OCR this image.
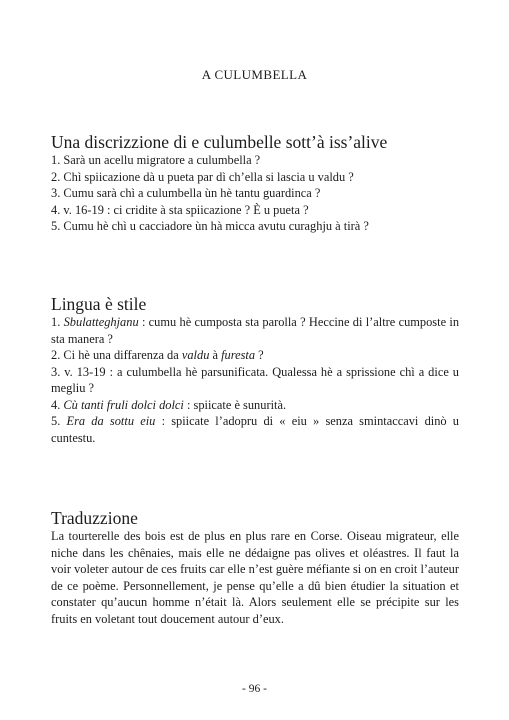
A CULUMBELLA
Una discrizzione di e culumbelle sott’à iss’alive
1. Sarà un acellu migratore a culumbella ?
2. Chì spiicazione dà u pueta par dì ch’ella si lascia u valdu ?
3. Cumu sarà chì a culumbella ùn hè tantu guardinca ?
4. v. 16-19 : ci cridite à sta spiicazione ? È u pueta ?
5. Cumu hè chì u cacciadore ùn hà micca avutu curaghju à tirà ?
Lingua è stile
1. Sbulatteghjanu : cumu hè cumposta sta parolla ? Heccine di l’altre cumposte in sta manera ?
2. Ci hè una diffarenza da valdu à furesta ?
3. v. 13-19 : a culumbella hè parsunificata. Qualessa hè a sprissione chì a dice u megliu ?
4. Cù tanti fruli dolci dolci : spiicate è sunurità.
5. Era da sottu eiu : spiicate l’adopru di « eiu » senza smintaccavi dinò u cuntestu.
Traduzzione

La tourterelle des bois est de plus en plus rare en Corse. Oiseau migrateur, elle niche dans les chênaies, mais elle ne dédaigne pas olives et oléastres. Il faut la voir voleter autour de ces fruits car elle n’est guère méfiante si on en croit l’auteur de ce poème. Personnellement, je pense qu’elle a dû bien étudier la situation et constater qu’aucun homme n’était là. Alors seulement elle se précipite sur les fruits en voletant tout doucement autour d’eux.

- 96 -
